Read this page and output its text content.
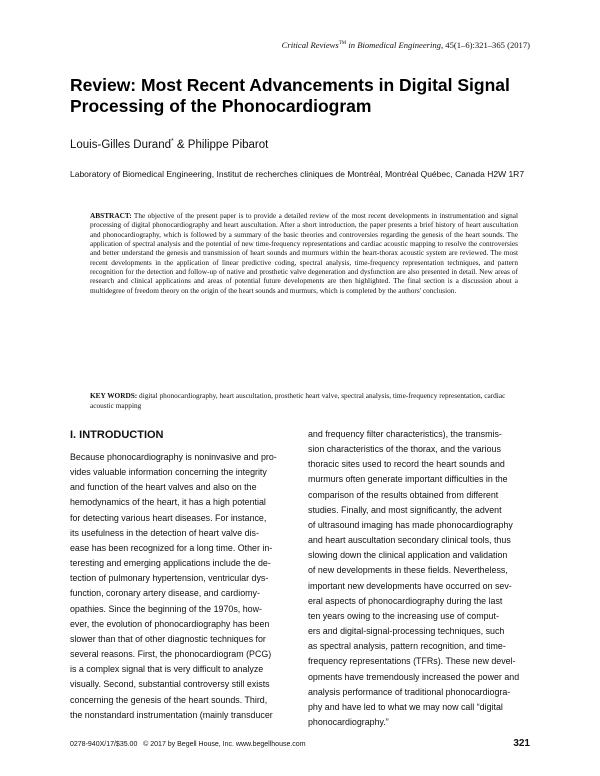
Critical Reviews™ in Biomedical Engineering, 45(1–6):321–365 (2017)
Review: Most Recent Advancements in Digital Signal Processing of the Phonocardiogram
Louis-Gilles Durand* & Philippe Pibarot
Laboratory of Biomedical Engineering, Institut de recherches cliniques de Montréal, Montréal Québec, Canada H2W 1R7
ABSTRACT: The objective of the present paper is to provide a detailed review of the most recent developments in instrumentation and signal processing of digital phonocardiography and heart auscultation. After a short introduction, the paper presents a brief history of heart auscultation and phonocardiography, which is followed by a summary of the basic theories and controversies regarding the genesis of the heart sounds. The application of spectral analysis and the potential of new time-frequency representations and cardiac acoustic mapping to resolve the controversies and better understand the genesis and transmission of heart sounds and murmurs within the heart-thorax acoustic system are reviewed. The most recent developments in the application of linear predictive coding, spectral analysis, time-frequency representation techniques, and pattern recognition for the detection and follow-up of native and prosthetic valve degeneration and dysfunction are also presented in detail. New areas of research and clinical applications and areas of potential future developments are then highlighted. The final section is a discussion about a multidegree of freedom theory on the origin of the heart sounds and murmurs, which is completed by the authors' conclusion.
KEY WORDS: digital phonocardiography, heart auscultation, prosthetic heart valve, spectral analysis, time-frequency representation, cardiac acoustic mapping
I. INTRODUCTION
Because phonocardiography is noninvasive and pro-
vides valuable information concerning the integrity
and function of the heart valves and also on the
hemodynamics of the heart, it has a high potential
for detecting various heart diseases. For instance,
its usefulness in the detection of heart valve dis-
ease has been recognized for a long time. Other in-
teresting and emerging applications include the de-
tection of pulmonary hypertension, ventricular dys-
function, coronary artery disease, and cardiomy-
opathies. Since the beginning of the 1970s, how-
ever, the evolution of phonocardiography has been
slower than that of other diagnostic techniques for
several reasons. First, the phonocardiogram (PCG)
is a complex signal that is very difficult to analyze
visually. Second, substantial controversy still exists
concerning the genesis of the heart sounds. Third,
the nonstandard instrumentation (mainly transducer
and frequency filter characteristics), the transmis-
sion characteristics of the thorax, and the various
thoracic sites used to record the heart sounds and
murmurs often generate important difficulties in the
comparison of the results obtained from different
studies. Finally, and most significantly, the advent
of ultrasound imaging has made phonocardiography
and heart auscultation secondary clinical tools, thus
slowing down the clinical application and validation
of new developments in these fields. Nevertheless,
important new developments have occurred on sev-
eral aspects of phonocardiography during the last
ten years owing to the increasing use of comput-
ers and digital-signal-processing techniques, such
as spectral analysis, pattern recognition, and time-
frequency representations (TFRs). These new devel-
opments have tremendously increased the power and
analysis performance of traditional phonocardiogra-
phy and have led to what we may now call “digital
phonocardiography.”
0278-940X/17/$35.00   © 2017 by Begell House, Inc. www.begellhouse.com	321
